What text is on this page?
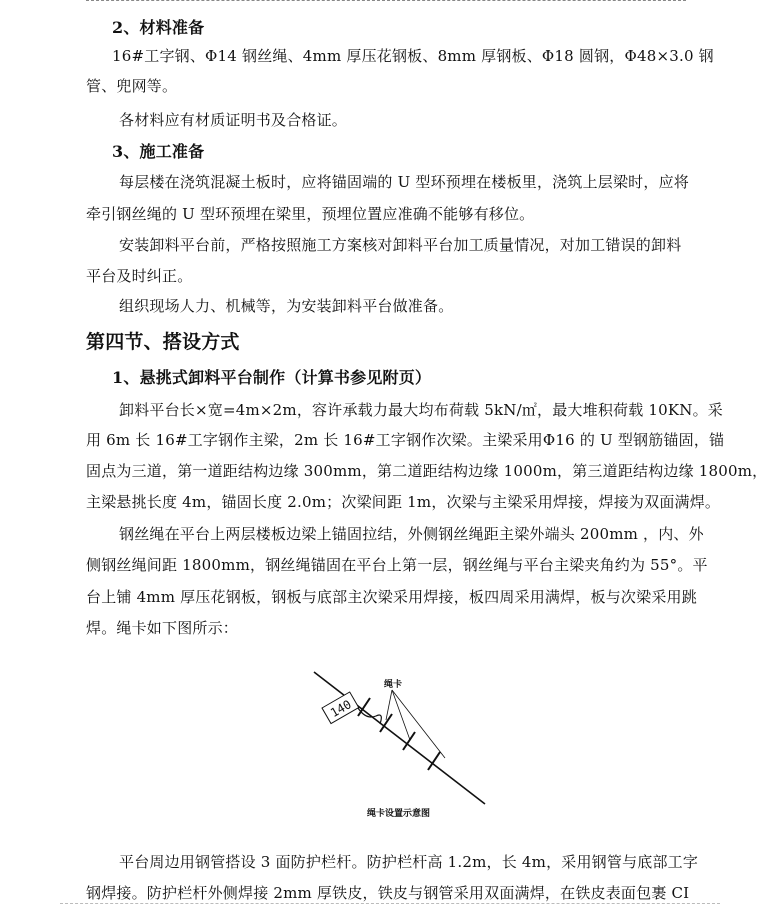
2、材料准备
16#工字钢、Φ14 钢丝绳、4mm 厚压花钢板、8mm 厚钢板、Φ18 圆钢，Φ48×3.0 钢
管、兜网等。
各材料应有材质证明书及合格证。
3、施工准备
每层楼在浇筑混凝土板时，应将锚固端的 U 型环预埋在楼板里，浇筑上层梁时，应将
牵引钢丝绳的 U 型环预埋在梁里，预埋位置应准确不能够有移位。
安装卸料平台前，严格按照施工方案核对卸料平台加工质量情况，对加工错误的卸料
平台及时纠正。
组织现场人力、机械等，为安装卸料平台做准备。
第四节、搭设方式
1、悬挑式卸料平台制作（计算书参见附页）
卸料平台长×宽=4m×2m，容许承载力最大均布荷载 5kN/㎡，最大堆积荷载 10KN。采
用 6m 长 16#工字钢作主梁，2m 长 16#工字钢作次梁。主梁采用Φ16 的 U 型钢筋锚固，锚
固点为三道，第一道距结构边缘 300mm，第二道距结构边缘 1000m，第三道距结构边缘 1800m，
主梁悬挑长度 4m，锚固长度 2.0m；次梁间距 1m，次梁与主梁采用焊接，焊接为双面满焊。
钢丝绳在平台上两层楼板边梁上锚固拉结，外侧钢丝绳距主梁外端头 200mm ，内、外
侧钢丝绳间距 1800mm，钢丝绳锚固在平台上第一层，钢丝绳与平台主梁夹角约为 55°。平
台上铺 4mm 厚压花钢板，钢板与底部主次梁采用焊接，板四周采用满焊，板与次梁采用跳
焊。绳卡如下图所示：
140
绳卡
绳卡设置示意图
平台周边用钢管搭设 3 面防护栏杆。防护栏杆高 1.2m，长 4m，采用钢管与底部工字
钢焊接。防护栏杆外侧焊接 2mm 厚铁皮，铁皮与钢管采用双面满焊，在铁皮表面包裹 CI
